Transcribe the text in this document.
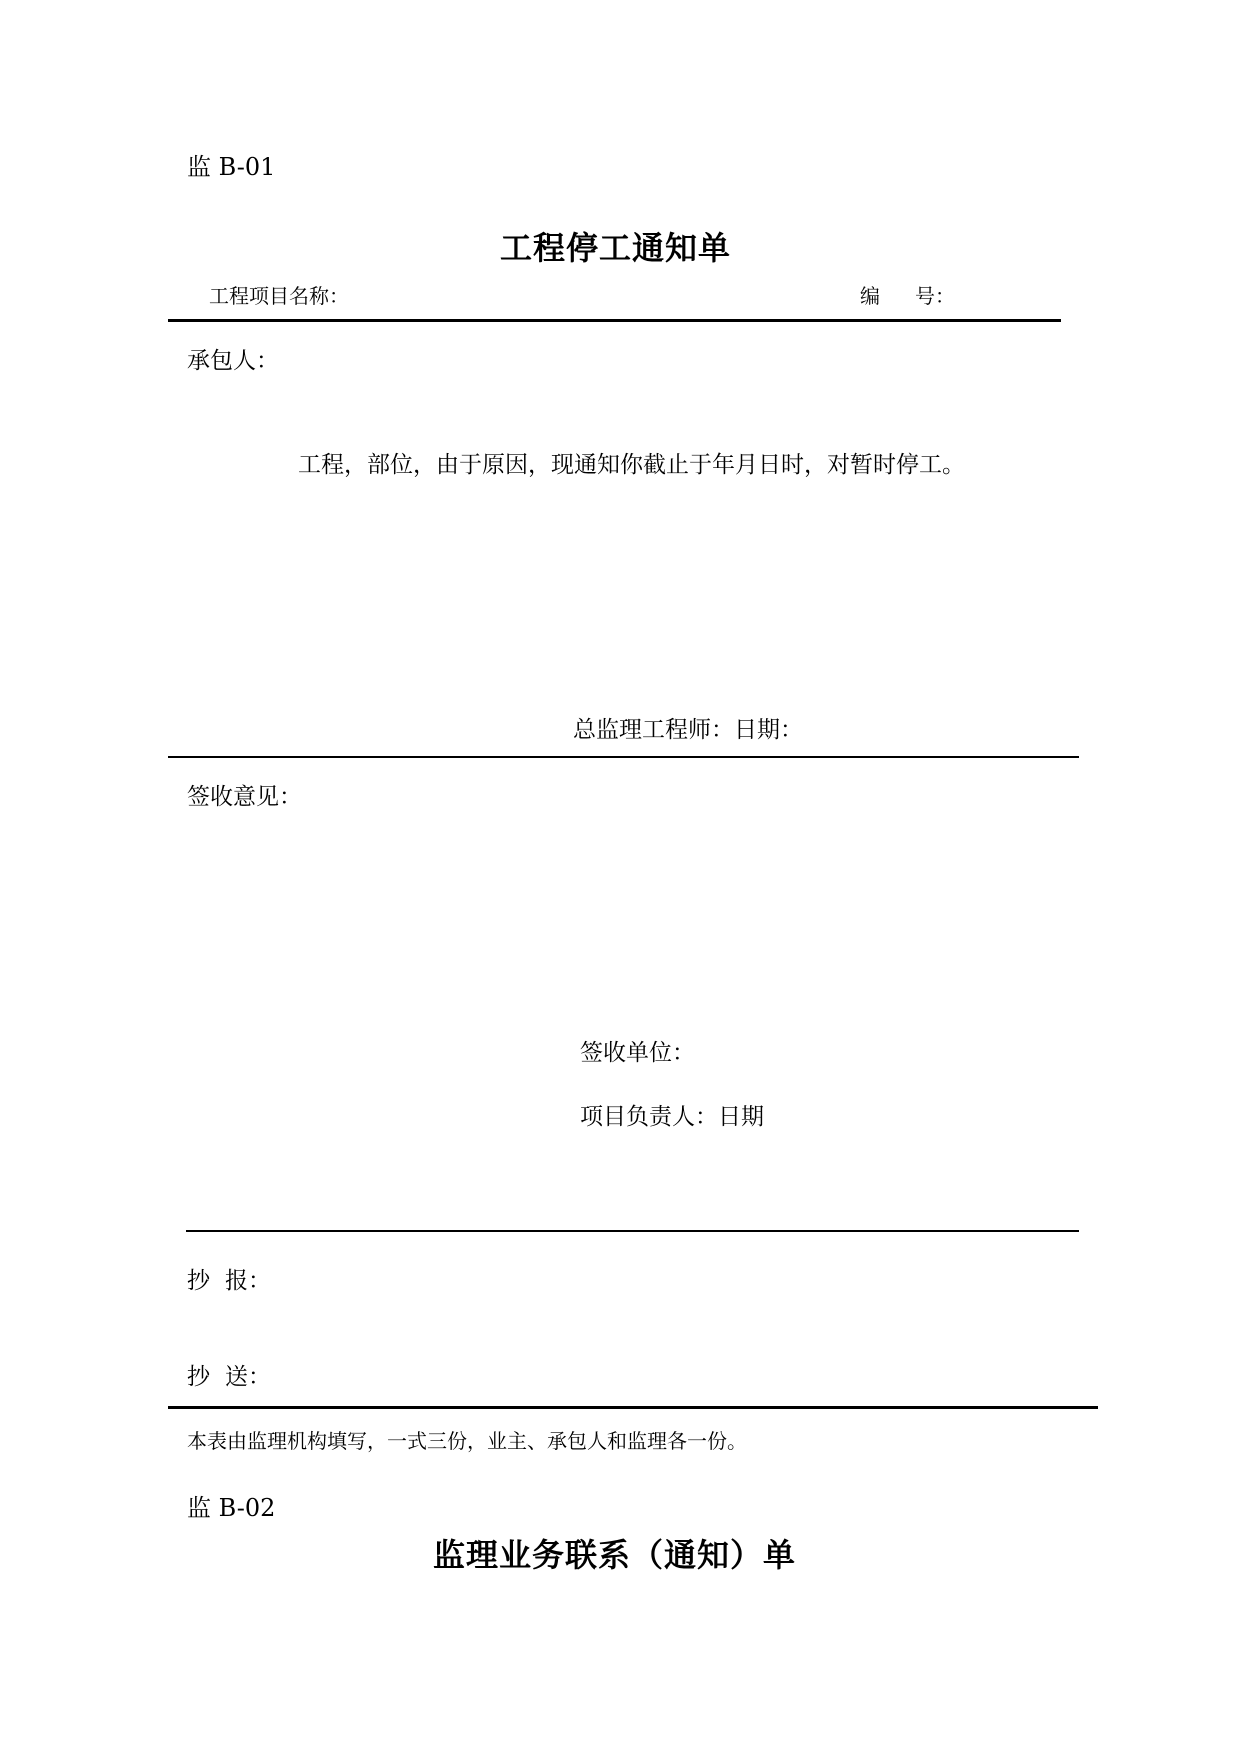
监 B-01
工程停工通知单
工程项目名称：	编 号：
承包人：
工程，部位，由于原因，现通知你截止于年月日时，对暂时停工。
总监理工程师：日期：
签收意见：
签收单位：
项目负责人：日期
抄 报：
抄 送：
本表由监理机构填写，一式三份，业主、承包人和监理各一份。
监 B-02
监理业务联系（通知）单
